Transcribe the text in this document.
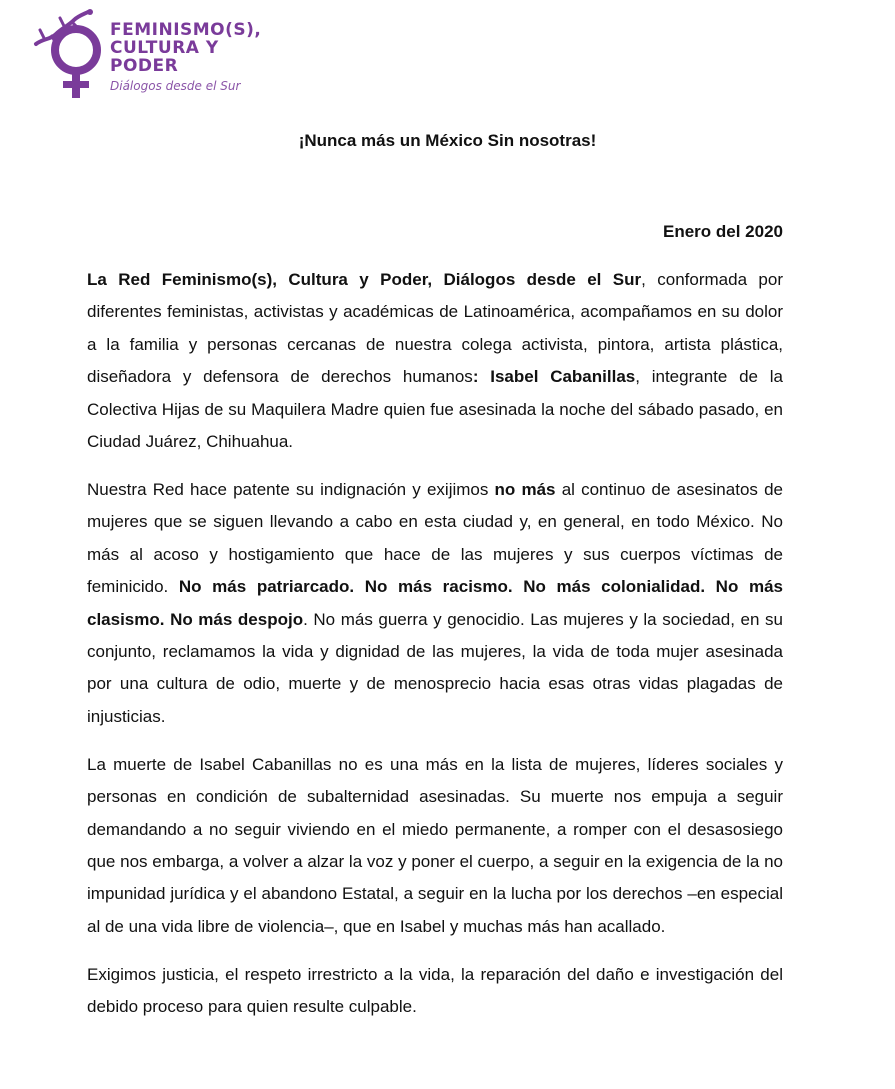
FEMINISMO(S),
CULTURA Y
PODER
Diálogos desde el Sur
¡Nunca más un México Sin nosotras!
Enero del 2020

La Red Feminismo(s), Cultura y Poder, Diálogos desde el Sur, conformada por diferentes feministas, activistas y académicas de Latinoamérica, acompañamos en su dolor a la familia y personas cercanas de nuestra colega activista, pintora, artista plástica, diseñadora y defensora de derechos humanos: Isabel Cabanillas, integrante de la Colectiva Hijas de su Maquilera Madre quien fue asesinada la noche del sábado pasado, en Ciudad Juárez, Chihuahua.

Nuestra Red hace patente su indignación y exijimos no más al continuo de asesinatos de mujeres que se siguen llevando a cabo en esta ciudad y, en general, en todo México. No más al acoso y hostigamiento que hace de las mujeres y sus cuerpos víctimas de feminicido. No más patriarcado. No más racismo. No más colonialidad. No más clasismo. No más despojo. No más guerra y genocidio. Las mujeres y la sociedad, en su conjunto, reclamamos la vida y dignidad de las mujeres, la vida de toda mujer asesinada por una cultura de odio, muerte y de menosprecio hacia esas otras vidas plagadas de injusticias.

La muerte de Isabel Cabanillas no es una más en la lista de mujeres, líderes sociales y personas en condición de subalternidad asesinadas. Su muerte nos empuja a seguir demandando a no seguir viviendo en el miedo permanente, a romper con el desasosiego que nos embarga, a volver a alzar la voz y poner el cuerpo, a seguir en la exigencia de la no impunidad jurídica y el abandono Estatal, a seguir en la lucha por los derechos –en especial al de una vida libre de violencia–, que en Isabel y muchas más han acallado.

Exigimos justicia, el respeto irrestricto a la vida, la reparación del daño e investigación del debido proceso para quien resulte culpable.
